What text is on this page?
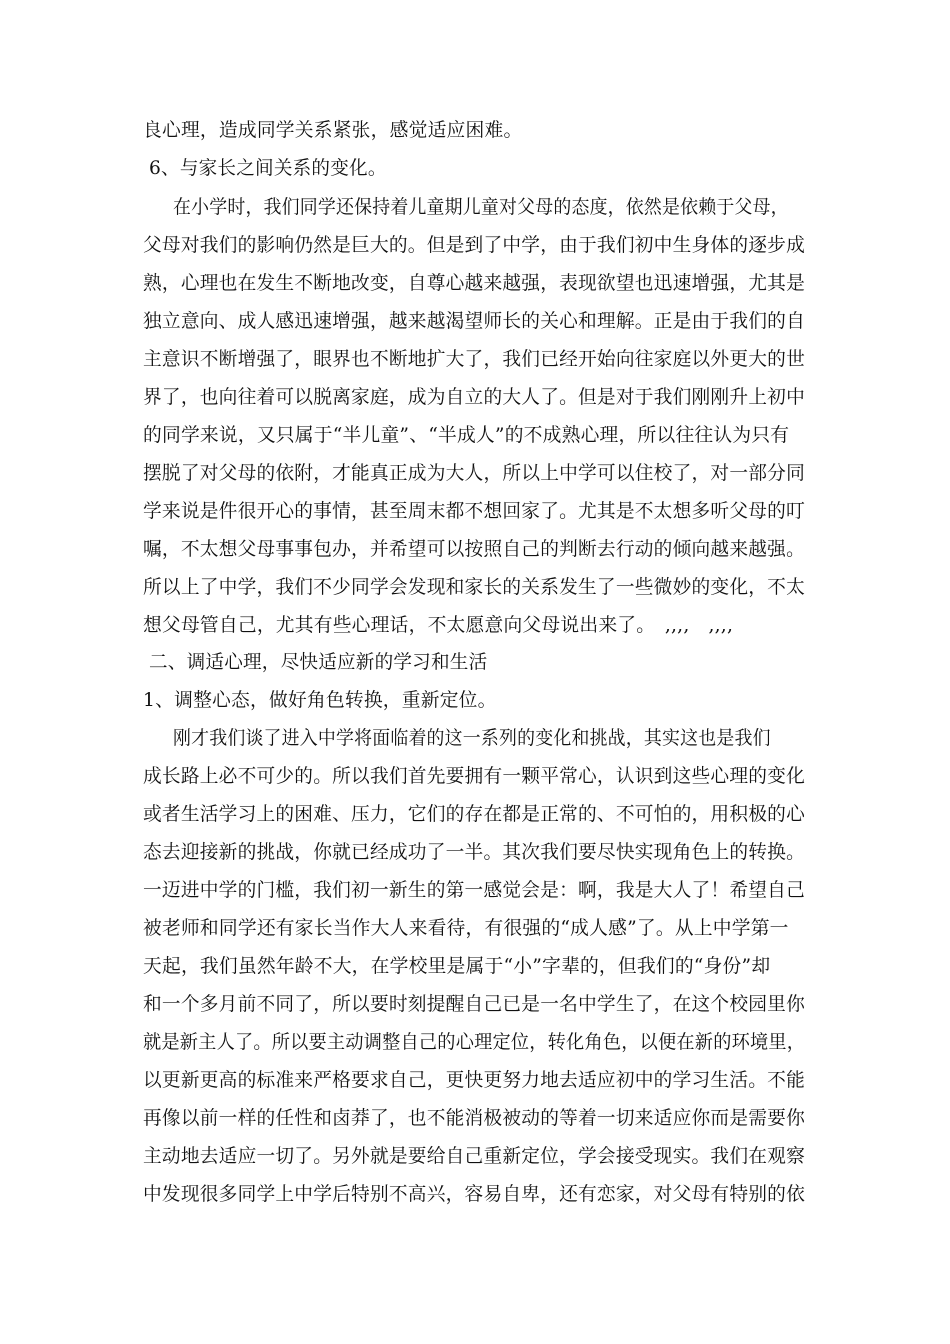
良心理，造成同学关系紧张，感觉适应困难。
6、与家长之间关系的变化。
在小学时，我们同学还保持着儿童期儿童对父母的态度，依然是依赖于父母，
父母对我们的影响仍然是巨大的。但是到了中学，由于我们初中生身体的逐步成
熟，心理也在发生不断地改变，自尊心越来越强，表现欲望也迅速增强，尤其是
独立意向、成人感迅速增强，越来越渴望师长的关心和理解。正是由于我们的自
主意识不断增强了，眼界也不断地扩大了，我们已经开始向往家庭以外更大的世
界了，也向往着可以脱离家庭，成为自立的大人了。但是对于我们刚刚升上初中
的同学来说，又只属于“半儿童”、“半成人”的不成熟心理，所以往往认为只有
摆脱了对父母的依附，才能真正成为大人，所以上中学可以住校了，对一部分同
学来说是件很开心的事情，甚至周末都不想回家了。尤其是不太想多听父母的叮
嘱，不太想父母事事包办，并希望可以按照自己的判断去行动的倾向越来越强。
所以上了中学，我们不少同学会发现和家长的关系发生了一些微妙的变化，不太
想父母管自己，尤其有些心理话，不太愿意向父母说出来了。　,,,,　,,,,
二、调适心理，尽快适应新的学习和生活
1、调整心态，做好角色转换，重新定位。
刚才我们谈了进入中学将面临着的这一系列的变化和挑战，其实这也是我们
成长路上必不可少的。所以我们首先要拥有一颗平常心，认识到这些心理的变化
或者生活学习上的困难、压力，它们的存在都是正常的、不可怕的，用积极的心
态去迎接新的挑战，你就已经成功了一半。其次我们要尽快实现角色上的转换。
一迈进中学的门槛，我们初一新生的第一感觉会是：啊，我是大人了！希望自己
被老师和同学还有家长当作大人来看待，有很强的“成人感”了。从上中学第一
天起，我们虽然年龄不大，在学校里是属于“小”字辈的，但我们的“身份”却
和一个多月前不同了，所以要时刻提醒自己已是一名中学生了，在这个校园里你
就是新主人了。所以要主动调整自己的心理定位，转化角色，以便在新的环境里，
以更新更高的标准来严格要求自己，更快更努力地去适应初中的学习生活。不能
再像以前一样的任性和卤莽了，也不能消极被动的等着一切来适应你而是需要你
主动地去适应一切了。另外就是要给自己重新定位，学会接受现实。我们在观察
中发现很多同学上中学后特别不高兴，容易自卑，还有恋家，对父母有特别的依
